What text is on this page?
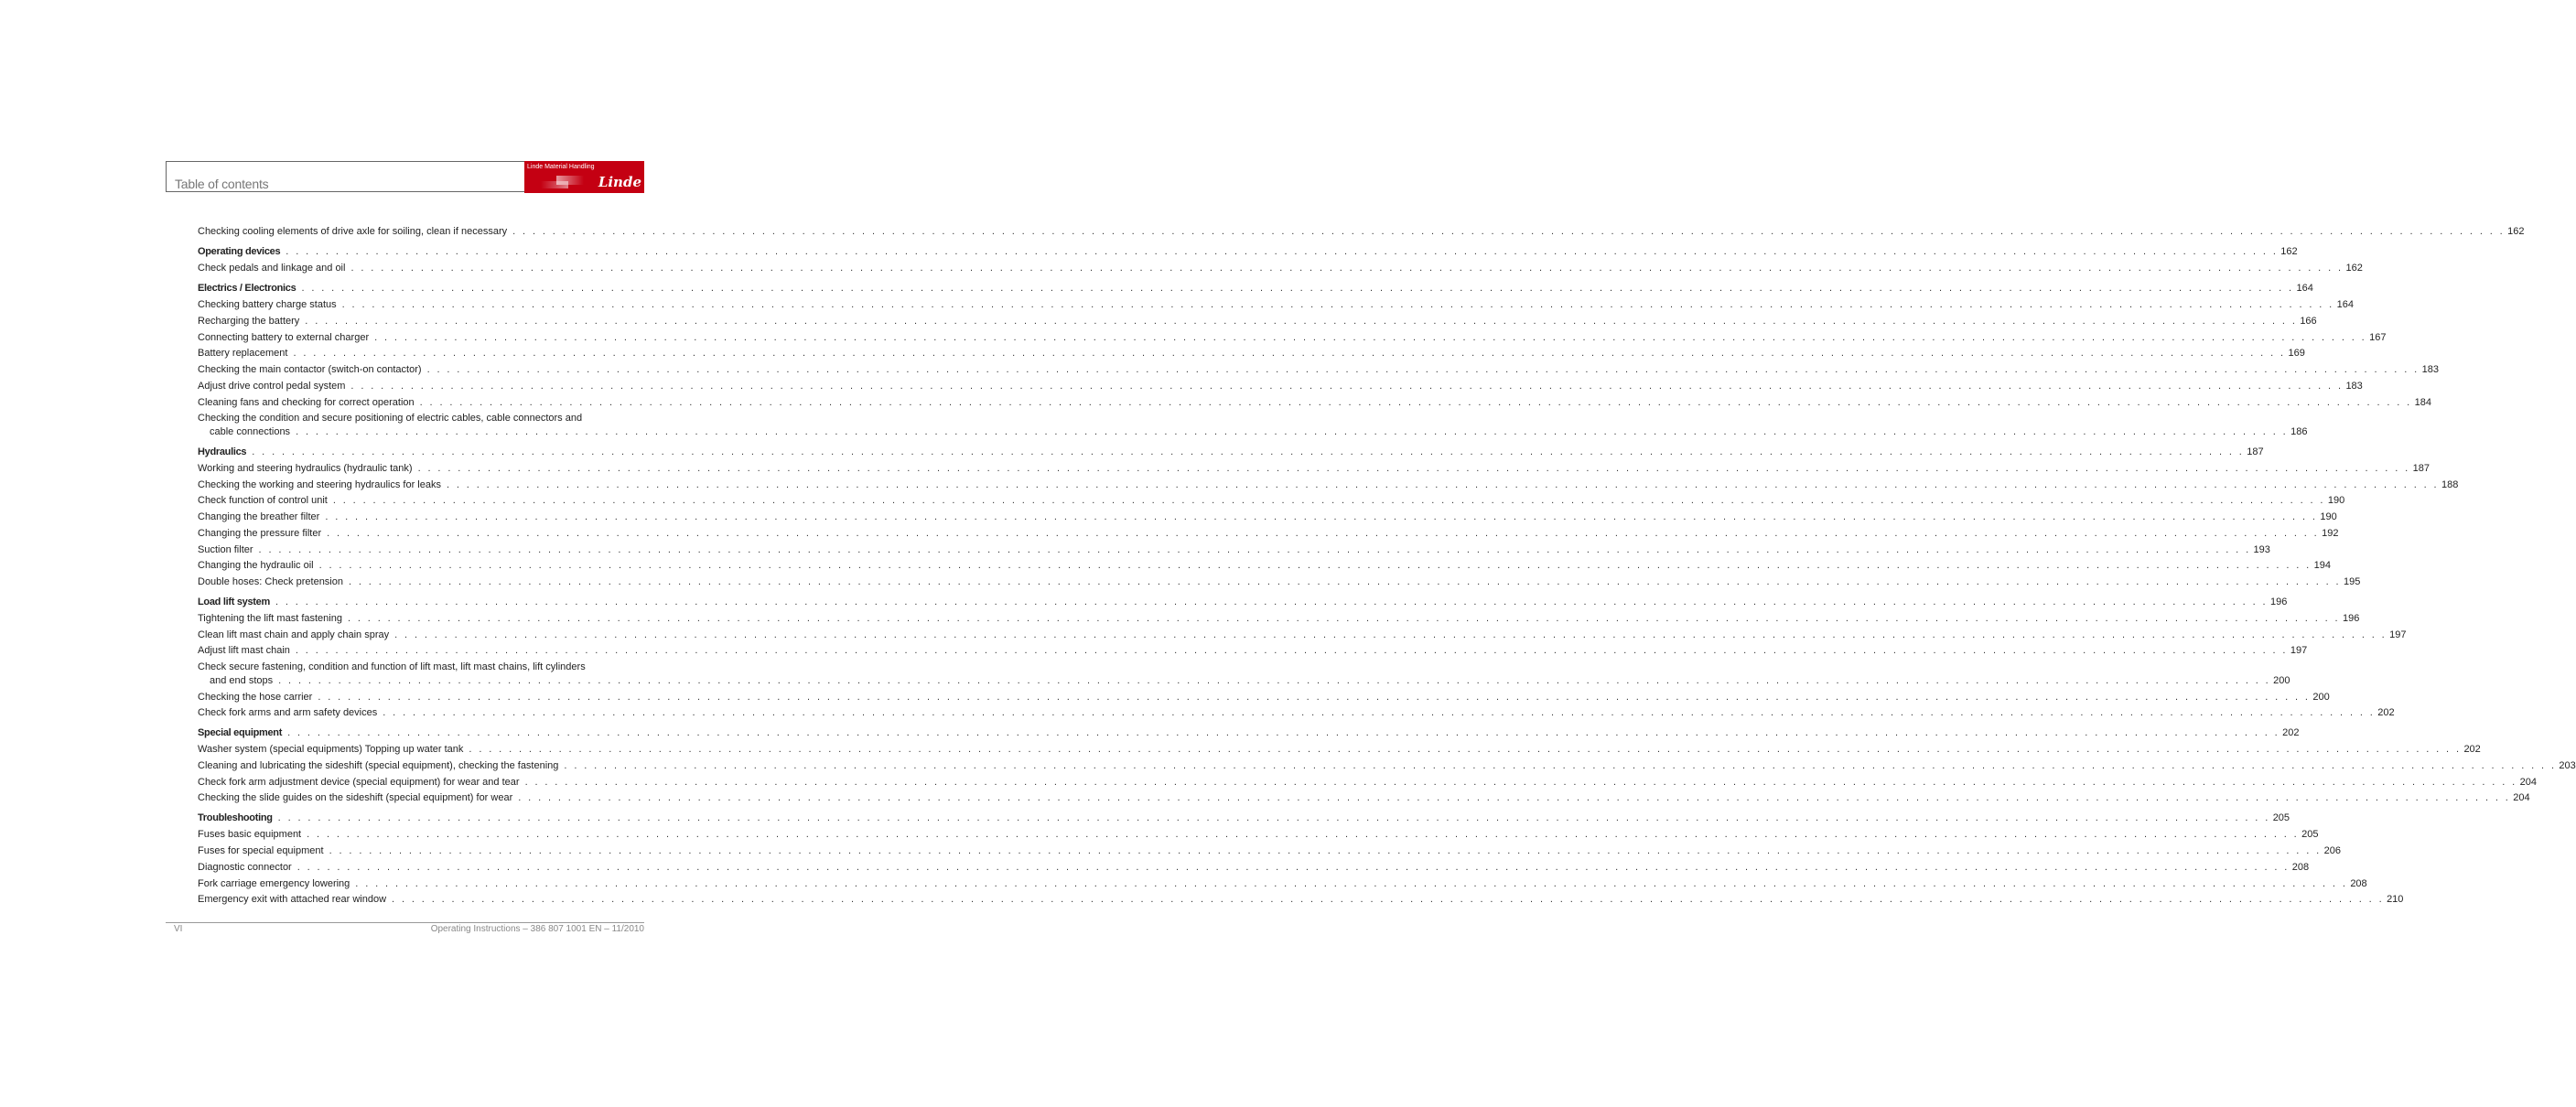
Table of contents
Linde Material Handling
Linde
Checking cooling elements of drive axle for soiling, clean if necessary . . . . . . . . . . . . . . . . . . . . . . . . . . . . . . . . . . . . . . . . . . . . . . . . . . . . . . . . . . . . . . . . . . . . . . . . . . . . . . . . . . . . . . . . . . . . . . . . . . . . . . . . . . . . . . . . . . . . . . . . . . . . . . . . . . . . . . . . . . . . . . . . . . . . . . . . . . . . . . . . . . . . . . . . . . . . . . . . . . . . . . . . . . . . . . . . . . . . . . . . 162
Operating devices . . . . . . . . . . . . . . . . . . . . . . . . . . . . . . . . . . . . . . . . . . . . . . . . . . . . . . . . . . . . . . . . . . . . . . . . . . . . . . . . . . . . . . . . . . . . . . . . . . . . . . . . . . . . . . . . . . . . . . . . . . . . . . . . . . . . . . . . . . . . . . . . . . . . . . . . . . . . . . . . . . . . . . . . . . . . . . . . . . . . . . . . . . . . . . . . . . . . . . . . 162
Check pedals and linkage and oil . . . . . . . . . . . . . . . . . . . . . . . . . . . . . . . . . . . . . . . . . . . . . . . . . . . . . . . . . . . . . . . . . . . . . . . . . . . . . . . . . . . . . . . . . . . . . . . . . . . . . . . . . . . . . . . . . . . . . . . . . . . . . . . . . . . . . . . . . . . . . . . . . . . . . . . . . . . . . . . . . . . . . . . . . . . . . . . . . . . . . . . . . . . . . . . . . . . . . . . . 162
Electrics / Electronics . . . . . . . . . . . . . . . . . . . . . . . . . . . . . . . . . . . . . . . . . . . . . . . . . . . . . . . . . . . . . . . . . . . . . . . . . . . . . . . . . . . . . . . . . . . . . . . . . . . . . . . . . . . . . . . . . . . . . . . . . . . . . . . . . . . . . . . . . . . . . . . . . . . . . . . . . . . . . . . . . . . . . . . . . . . . . . . . . . . . . . . . . . . . . . . . . . . . . . . . 164
Checking battery charge status . . . . . . . . . . . . . . . . . . . . . . . . . . . . . . . . . . . . . . . . . . . . . . . . . . . . . . . . . . . . . . . . . . . . . . . . . . . . . . . . . . . . . . . . . . . . . . . . . . . . . . . . . . . . . . . . . . . . . . . . . . . . . . . . . . . . . . . . . . . . . . . . . . . . . . . . . . . . . . . . . . . . . . . . . . . . . . . . . . . . . . . . . . . . . . . . . . . . . . . . 164
Recharging the battery . . . . . . . . . . . . . . . . . . . . . . . . . . . . . . . . . . . . . . . . . . . . . . . . . . . . . . . . . . . . . . . . . . . . . . . . . . . . . . . . . . . . . . . . . . . . . . . . . . . . . . . . . . . . . . . . . . . . . . . . . . . . . . . . . . . . . . . . . . . . . . . . . . . . . . . . . . . . . . . . . . . . . . . . . . . . . . . . . . . . . . . . . . . . . . . . . . . . . . . . 166
Connecting battery to external charger . . . . . . . . . . . . . . . . . . . . . . . . . . . . . . . . . . . . . . . . . . . . . . . . . . . . . . . . . . . . . . . . . . . . . . . . . . . . . . . . . . . . . . . . . . . . . . . . . . . . . . . . . . . . . . . . . . . . . . . . . . . . . . . . . . . . . . . . . . . . . . . . . . . . . . . . . . . . . . . . . . . . . . . . . . . . . . . . . . . . . . . . . . . . . . . . . . . . . . . . 167
Battery replacement . . . . . . . . . . . . . . . . . . . . . . . . . . . . . . . . . . . . . . . . . . . . . . . . . . . . . . . . . . . . . . . . . . . . . . . . . . . . . . . . . . . . . . . . . . . . . . . . . . . . . . . . . . . . . . . . . . . . . . . . . . . . . . . . . . . . . . . . . . . . . . . . . . . . . . . . . . . . . . . . . . . . . . . . . . . . . . . . . . . . . . . . . . . . . . . . . . . . . . . . 169
Checking the main contactor (switch-on contactor) . . . . . . . . . . . . . . . . . . . . . . . . . . . . . . . . . . . . . . . . . . . . . . . . . . . . . . . . . . . . . . . . . . . . . . . . . . . . . . . . . . . . . . . . . . . . . . . . . . . . . . . . . . . . . . . . . . . . . . . . . . . . . . . . . . . . . . . . . . . . . . . . . . . . . . . . . . . . . . . . . . . . . . . . . . . . . . . . . . . . . . . . . . . . . . . . . . . . . . . . 183
Adjust drive control pedal system . . . . . . . . . . . . . . . . . . . . . . . . . . . . . . . . . . . . . . . . . . . . . . . . . . . . . . . . . . . . . . . . . . . . . . . . . . . . . . . . . . . . . . . . . . . . . . . . . . . . . . . . . . . . . . . . . . . . . . . . . . . . . . . . . . . . . . . . . . . . . . . . . . . . . . . . . . . . . . . . . . . . . . . . . . . . . . . . . . . . . . . . . . . . . . . . . . . . . . . . 183
Cleaning fans and checking for correct operation . . . . . . . . . . . . . . . . . . . . . . . . . . . . . . . . . . . . . . . . . . . . . . . . . . . . . . . . . . . . . . . . . . . . . . . . . . . . . . . . . . . . . . . . . . . . . . . . . . . . . . . . . . . . . . . . . . . . . . . . . . . . . . . . . . . . . . . . . . . . . . . . . . . . . . . . . . . . . . . . . . . . . . . . . . . . . . . . . . . . . . . . . . . . . . . . . . . . . . . . 184
Checking the condition and secure positioning of electric cables, cable connectors and
cable connections . . . . . . . . . . . . . . . . . . . . . . . . . . . . . . . . . . . . . . . . . . . . . . . . . . . . . . . . . . . . . . . . . . . . . . . . . . . . . . . . . . . . . . . . . . . . . . . . . . . . . . . . . . . . . . . . . . . . . . . . . . . . . . . . . . . . . . . . . . . . . . . . . . . . . . . . . . . . . . . . . . . . . . . . . . . . . . . . . . . . . . . . . . . . . . . . . . . . . . . . 186
Hydraulics . . . . . . . . . . . . . . . . . . . . . . . . . . . . . . . . . . . . . . . . . . . . . . . . . . . . . . . . . . . . . . . . . . . . . . . . . . . . . . . . . . . . . . . . . . . . . . . . . . . . . . . . . . . . . . . . . . . . . . . . . . . . . . . . . . . . . . . . . . . . . . . . . . . . . . . . . . . . . . . . . . . . . . . . . . . . . . . . . . . . . . . . . . . . . . . . . . . . . . . . 187
Working and steering hydraulics (hydraulic tank) . . . . . . . . . . . . . . . . . . . . . . . . . . . . . . . . . . . . . . . . . . . . . . . . . . . . . . . . . . . . . . . . . . . . . . . . . . . . . . . . . . . . . . . . . . . . . . . . . . . . . . . . . . . . . . . . . . . . . . . . . . . . . . . . . . . . . . . . . . . . . . . . . . . . . . . . . . . . . . . . . . . . . . . . . . . . . . . . . . . . . . . . . . . . . . . . . . . . . . . . 187
Checking the working and steering hydraulics for leaks . . . . . . . . . . . . . . . . . . . . . . . . . . . . . . . . . . . . . . . . . . . . . . . . . . . . . . . . . . . . . . . . . . . . . . . . . . . . . . . . . . . . . . . . . . . . . . . . . . . . . . . . . . . . . . . . . . . . . . . . . . . . . . . . . . . . . . . . . . . . . . . . . . . . . . . . . . . . . . . . . . . . . . . . . . . . . . . . . . . . . . . . . . . . . . . . . . . . . . . . 188
Check function of control unit . . . . . . . . . . . . . . . . . . . . . . . . . . . . . . . . . . . . . . . . . . . . . . . . . . . . . . . . . . . . . . . . . . . . . . . . . . . . . . . . . . . . . . . . . . . . . . . . . . . . . . . . . . . . . . . . . . . . . . . . . . . . . . . . . . . . . . . . . . . . . . . . . . . . . . . . . . . . . . . . . . . . . . . . . . . . . . . . . . . . . . . . . . . . . . . . . . . . . . . . 190
Changing the breather filter . . . . . . . . . . . . . . . . . . . . . . . . . . . . . . . . . . . . . . . . . . . . . . . . . . . . . . . . . . . . . . . . . . . . . . . . . . . . . . . . . . . . . . . . . . . . . . . . . . . . . . . . . . . . . . . . . . . . . . . . . . . . . . . . . . . . . . . . . . . . . . . . . . . . . . . . . . . . . . . . . . . . . . . . . . . . . . . . . . . . . . . . . . . . . . . . . . . . . . . . 190
Changing the pressure filter . . . . . . . . . . . . . . . . . . . . . . . . . . . . . . . . . . . . . . . . . . . . . . . . . . . . . . . . . . . . . . . . . . . . . . . . . . . . . . . . . . . . . . . . . . . . . . . . . . . . . . . . . . . . . . . . . . . . . . . . . . . . . . . . . . . . . . . . . . . . . . . . . . . . . . . . . . . . . . . . . . . . . . . . . . . . . . . . . . . . . . . . . . . . . . . . . . . . . . . . 192
Suction filter . . . . . . . . . . . . . . . . . . . . . . . . . . . . . . . . . . . . . . . . . . . . . . . . . . . . . . . . . . . . . . . . . . . . . . . . . . . . . . . . . . . . . . . . . . . . . . . . . . . . . . . . . . . . . . . . . . . . . . . . . . . . . . . . . . . . . . . . . . . . . . . . . . . . . . . . . . . . . . . . . . . . . . . . . . . . . . . . . . . . . . . . . . . . . . . . . . . . . . . . 193
Changing the hydraulic oil . . . . . . . . . . . . . . . . . . . . . . . . . . . . . . . . . . . . . . . . . . . . . . . . . . . . . . . . . . . . . . . . . . . . . . . . . . . . . . . . . . . . . . . . . . . . . . . . . . . . . . . . . . . . . . . . . . . . . . . . . . . . . . . . . . . . . . . . . . . . . . . . . . . . . . . . . . . . . . . . . . . . . . . . . . . . . . . . . . . . . . . . . . . . . . . . . . . . . . . . 194
Double hoses: Check pretension . . . . . . . . . . . . . . . . . . . . . . . . . . . . . . . . . . . . . . . . . . . . . . . . . . . . . . . . . . . . . . . . . . . . . . . . . . . . . . . . . . . . . . . . . . . . . . . . . . . . . . . . . . . . . . . . . . . . . . . . . . . . . . . . . . . . . . . . . . . . . . . . . . . . . . . . . . . . . . . . . . . . . . . . . . . . . . . . . . . . . . . . . . . . . . . . . . . . . . . . 195
Load lift system . . . . . . . . . . . . . . . . . . . . . . . . . . . . . . . . . . . . . . . . . . . . . . . . . . . . . . . . . . . . . . . . . . . . . . . . . . . . . . . . . . . . . . . . . . . . . . . . . . . . . . . . . . . . . . . . . . . . . . . . . . . . . . . . . . . . . . . . . . . . . . . . . . . . . . . . . . . . . . . . . . . . . . . . . . . . . . . . . . . . . . . . . . . . . . . . . . . . . . . . 196
Tightening the lift mast fastening . . . . . . . . . . . . . . . . . . . . . . . . . . . . . . . . . . . . . . . . . . . . . . . . . . . . . . . . . . . . . . . . . . . . . . . . . . . . . . . . . . . . . . . . . . . . . . . . . . . . . . . . . . . . . . . . . . . . . . . . . . . . . . . . . . . . . . . . . . . . . . . . . . . . . . . . . . . . . . . . . . . . . . . . . . . . . . . . . . . . . . . . . . . . . . . . . . . . . . . . 196
Clean lift mast chain and apply chain spray . . . . . . . . . . . . . . . . . . . . . . . . . . . . . . . . . . . . . . . . . . . . . . . . . . . . . . . . . . . . . . . . . . . . . . . . . . . . . . . . . . . . . . . . . . . . . . . . . . . . . . . . . . . . . . . . . . . . . . . . . . . . . . . . . . . . . . . . . . . . . . . . . . . . . . . . . . . . . . . . . . . . . . . . . . . . . . . . . . . . . . . . . . . . . . . . . . . . . . . . 197
Adjust lift mast chain . . . . . . . . . . . . . . . . . . . . . . . . . . . . . . . . . . . . . . . . . . . . . . . . . . . . . . . . . . . . . . . . . . . . . . . . . . . . . . . . . . . . . . . . . . . . . . . . . . . . . . . . . . . . . . . . . . . . . . . . . . . . . . . . . . . . . . . . . . . . . . . . . . . . . . . . . . . . . . . . . . . . . . . . . . . . . . . . . . . . . . . . . . . . . . . . . . . . . . . . 197
Check secure fastening, condition and function of lift mast, lift mast chains, lift cylinders
and end stops . . . . . . . . . . . . . . . . . . . . . . . . . . . . . . . . . . . . . . . . . . . . . . . . . . . . . . . . . . . . . . . . . . . . . . . . . . . . . . . . . . . . . . . . . . . . . . . . . . . . . . . . . . . . . . . . . . . . . . . . . . . . . . . . . . . . . . . . . . . . . . . . . . . . . . . . . . . . . . . . . . . . . . . . . . . . . . . . . . . . . . . . . . . . . . . . . . . . . . . . 200
Checking the hose carrier . . . . . . . . . . . . . . . . . . . . . . . . . . . . . . . . . . . . . . . . . . . . . . . . . . . . . . . . . . . . . . . . . . . . . . . . . . . . . . . . . . . . . . . . . . . . . . . . . . . . . . . . . . . . . . . . . . . . . . . . . . . . . . . . . . . . . . . . . . . . . . . . . . . . . . . . . . . . . . . . . . . . . . . . . . . . . . . . . . . . . . . . . . . . . . . . . . . . . . . . 200
Check fork arms and arm safety devices . . . . . . . . . . . . . . . . . . . . . . . . . . . . . . . . . . . . . . . . . . . . . . . . . . . . . . . . . . . . . . . . . . . . . . . . . . . . . . . . . . . . . . . . . . . . . . . . . . . . . . . . . . . . . . . . . . . . . . . . . . . . . . . . . . . . . . . . . . . . . . . . . . . . . . . . . . . . . . . . . . . . . . . . . . . . . . . . . . . . . . . . . . . . . . . . . . . . . . . . 202
Special equipment . . . . . . . . . . . . . . . . . . . . . . . . . . . . . . . . . . . . . . . . . . . . . . . . . . . . . . . . . . . . . . . . . . . . . . . . . . . . . . . . . . . . . . . . . . . . . . . . . . . . . . . . . . . . . . . . . . . . . . . . . . . . . . . . . . . . . . . . . . . . . . . . . . . . . . . . . . . . . . . . . . . . . . . . . . . . . . . . . . . . . . . . . . . . . . . . . . . . . . . . 202
Washer system (special equipments) Topping up water tank . . . . . . . . . . . . . . . . . . . . . . . . . . . . . . . . . . . . . . . . . . . . . . . . . . . . . . . . . . . . . . . . . . . . . . . . . . . . . . . . . . . . . . . . . . . . . . . . . . . . . . . . . . . . . . . . . . . . . . . . . . . . . . . . . . . . . . . . . . . . . . . . . . . . . . . . . . . . . . . . . . . . . . . . . . . . . . . . . . . . . . . . . . . . . . . . . . . . . . . . 202
Cleaning and lubricating the sideshift (special equipment), checking the fastening . . . . . . . . . . . . . . . . . . . . . . . . . . . . . . . . . . . . . . . . . . . . . . . . . . . . . . . . . . . . . . . . . . . . . . . . . . . . . . . . . . . . . . . . . . . . . . . . . . . . . . . . . . . . . . . . . . . . . . . . . . . . . . . . . . . . . . . . . . . . . . . . . . . . . . . . . . . . . . . . . . . . . . . . . . . . . . . . . . . . . . . . . . . . . . . . . . . . . . . . 203
Check fork arm adjustment device (special equipment) for wear and tear . . . . . . . . . . . . . . . . . . . . . . . . . . . . . . . . . . . . . . . . . . . . . . . . . . . . . . . . . . . . . . . . . . . . . . . . . . . . . . . . . . . . . . . . . . . . . . . . . . . . . . . . . . . . . . . . . . . . . . . . . . . . . . . . . . . . . . . . . . . . . . . . . . . . . . . . . . . . . . . . . . . . . . . . . . . . . . . . . . . . . . . . . . . . . . . . . . . . . . . . 204
Checking the slide guides on the sideshift (special equipment) for wear . . . . . . . . . . . . . . . . . . . . . . . . . . . . . . . . . . . . . . . . . . . . . . . . . . . . . . . . . . . . . . . . . . . . . . . . . . . . . . . . . . . . . . . . . . . . . . . . . . . . . . . . . . . . . . . . . . . . . . . . . . . . . . . . . . . . . . . . . . . . . . . . . . . . . . . . . . . . . . . . . . . . . . . . . . . . . . . . . . . . . . . . . . . . . . . . . . . . . . . . 204
Troubleshooting . . . . . . . . . . . . . . . . . . . . . . . . . . . . . . . . . . . . . . . . . . . . . . . . . . . . . . . . . . . . . . . . . . . . . . . . . . . . . . . . . . . . . . . . . . . . . . . . . . . . . . . . . . . . . . . . . . . . . . . . . . . . . . . . . . . . . . . . . . . . . . . . . . . . . . . . . . . . . . . . . . . . . . . . . . . . . . . . . . . . . . . . . . . . . . . . . . . . . . . . 205
Fuses basic equipment . . . . . . . . . . . . . . . . . . . . . . . . . . . . . . . . . . . . . . . . . . . . . . . . . . . . . . . . . . . . . . . . . . . . . . . . . . . . . . . . . . . . . . . . . . . . . . . . . . . . . . . . . . . . . . . . . . . . . . . . . . . . . . . . . . . . . . . . . . . . . . . . . . . . . . . . . . . . . . . . . . . . . . . . . . . . . . . . . . . . . . . . . . . . . . . . . . . . . . . . 205
Fuses for special equipment . . . . . . . . . . . . . . . . . . . . . . . . . . . . . . . . . . . . . . . . . . . . . . . . . . . . . . . . . . . . . . . . . . . . . . . . . . . . . . . . . . . . . . . . . . . . . . . . . . . . . . . . . . . . . . . . . . . . . . . . . . . . . . . . . . . . . . . . . . . . . . . . . . . . . . . . . . . . . . . . . . . . . . . . . . . . . . . . . . . . . . . . . . . . . . . . . . . . . . . . 206
Diagnostic connector . . . . . . . . . . . . . . . . . . . . . . . . . . . . . . . . . . . . . . . . . . . . . . . . . . . . . . . . . . . . . . . . . . . . . . . . . . . . . . . . . . . . . . . . . . . . . . . . . . . . . . . . . . . . . . . . . . . . . . . . . . . . . . . . . . . . . . . . . . . . . . . . . . . . . . . . . . . . . . . . . . . . . . . . . . . . . . . . . . . . . . . . . . . . . . . . . . . . . . . . 208
Fork carriage emergency lowering . . . . . . . . . . . . . . . . . . . . . . . . . . . . . . . . . . . . . . . . . . . . . . . . . . . . . . . . . . . . . . . . . . . . . . . . . . . . . . . . . . . . . . . . . . . . . . . . . . . . . . . . . . . . . . . . . . . . . . . . . . . . . . . . . . . . . . . . . . . . . . . . . . . . . . . . . . . . . . . . . . . . . . . . . . . . . . . . . . . . . . . . . . . . . . . . . . . . . . . . 208
Emergency exit with attached rear window . . . . . . . . . . . . . . . . . . . . . . . . . . . . . . . . . . . . . . . . . . . . . . . . . . . . . . . . . . . . . . . . . . . . . . . . . . . . . . . . . . . . . . . . . . . . . . . . . . . . . . . . . . . . . . . . . . . . . . . . . . . . . . . . . . . . . . . . . . . . . . . . . . . . . . . . . . . . . . . . . . . . . . . . . . . . . . . . . . . . . . . . . . . . . . . . . . . . . . . . 210
VI	Operating Instructions – 386 807 1001 EN – 11/2010
